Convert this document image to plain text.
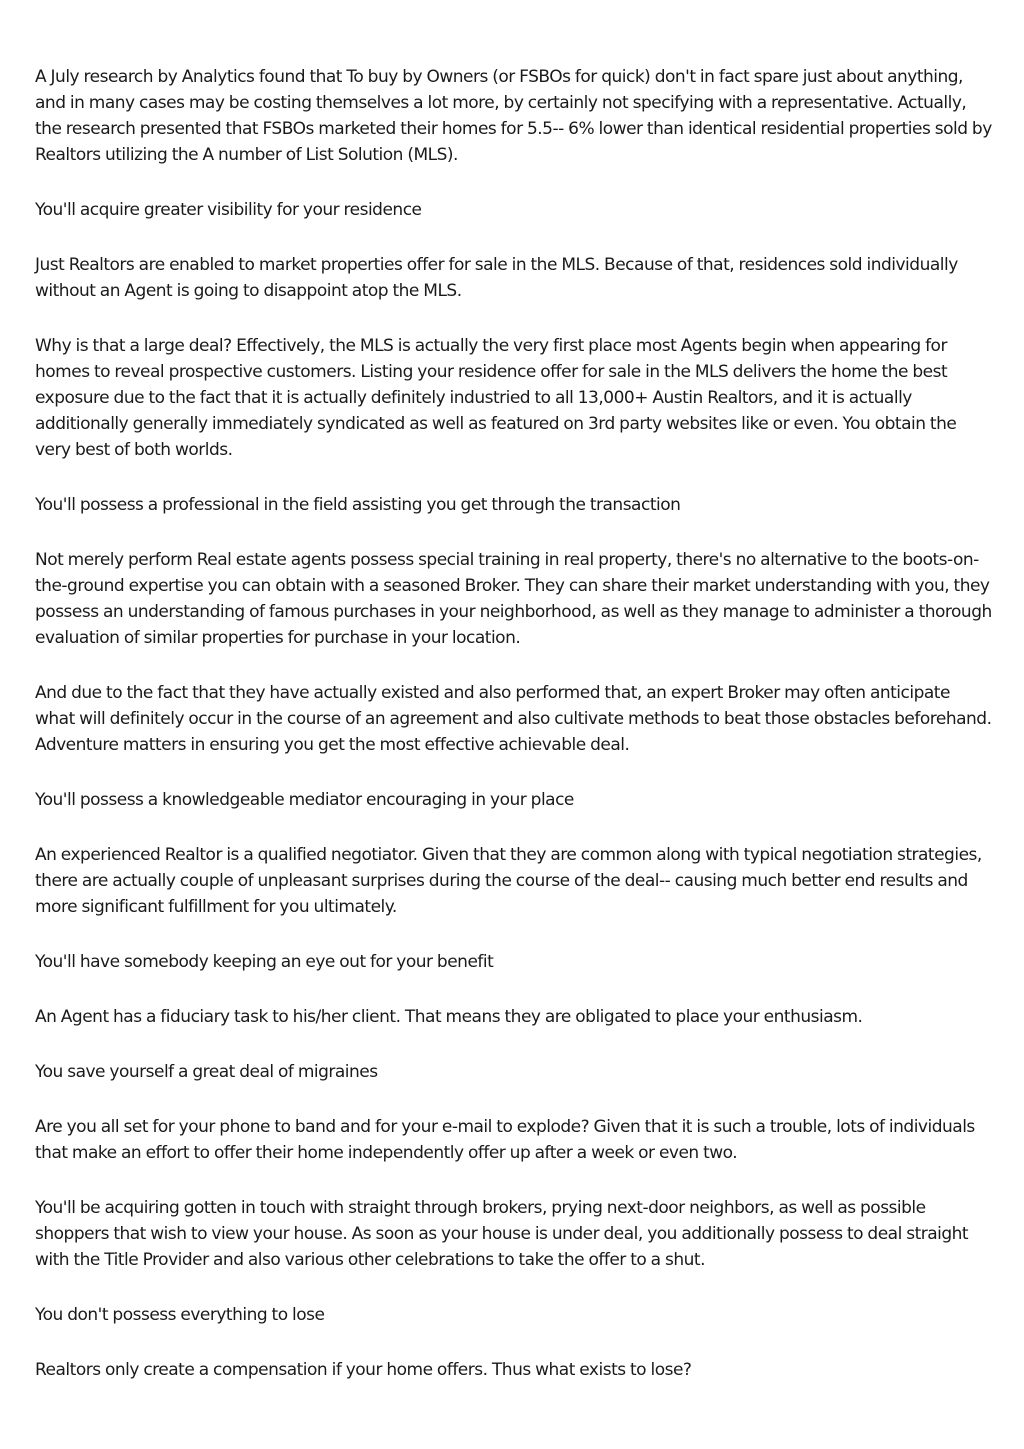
A July research by Analytics found that To buy by Owners (or FSBOs for quick) don't in fact spare just about anything, and in many cases may be costing themselves a lot more, by certainly not specifying with a representative. Actually, the research presented that FSBOs marketed their homes for 5.5-- 6% lower than identical residential properties sold by Realtors utilizing the A number of List Solution (MLS).

You'll acquire greater visibility for your residence

Just Realtors are enabled to market properties offer for sale in the MLS. Because of that, residences sold individually without an Agent is going to disappoint atop the MLS.

Why is that a large deal? Effectively, the MLS is actually the very first place most Agents begin when appearing for homes to reveal prospective customers. Listing your residence offer for sale in the MLS delivers the home the best exposure due to the fact that it is actually definitely industried to all 13,000+ Austin Realtors, and it is actually additionally generally immediately syndicated as well as featured on 3rd party websites like or even. You obtain the very best of both worlds.

You'll possess a professional in the field assisting you get through the transaction

Not merely perform Real estate agents possess special training in real property, there's no alternative to the boots-on-the-ground expertise you can obtain with a seasoned Broker. They can share their market understanding with you, they possess an understanding of famous purchases in your neighborhood, as well as they manage to administer a thorough evaluation of similar properties for purchase in your location.

And due to the fact that they have actually existed and also performed that, an expert Broker may often anticipate what will definitely occur in the course of an agreement and also cultivate methods to beat those obstacles beforehand. Adventure matters in ensuring you get the most effective achievable deal.

You'll possess a knowledgeable mediator encouraging in your place

An experienced Realtor is a qualified negotiator. Given that they are common along with typical negotiation strategies, there are actually couple of unpleasant surprises during the course of the deal-- causing much better end results and more significant fulfillment for you ultimately.

You'll have somebody keeping an eye out for your benefit

An Agent has a fiduciary task to his/her client. That means they are obligated to place your enthusiasm.

You save yourself a great deal of migraines

Are you all set for your phone to band and for your e-mail to explode? Given that it is such a trouble, lots of individuals that make an effort to offer their home independently offer up after a week or even two.

You'll be acquiring gotten in touch with straight through brokers, prying next-door neighbors, as well as possible shoppers that wish to view your house. As soon as your house is under deal, you additionally possess to deal straight with the Title Provider and also various other celebrations to take the offer to a shut.

You don't possess everything to lose

Realtors only create a compensation if your home offers. Thus what exists to lose?
